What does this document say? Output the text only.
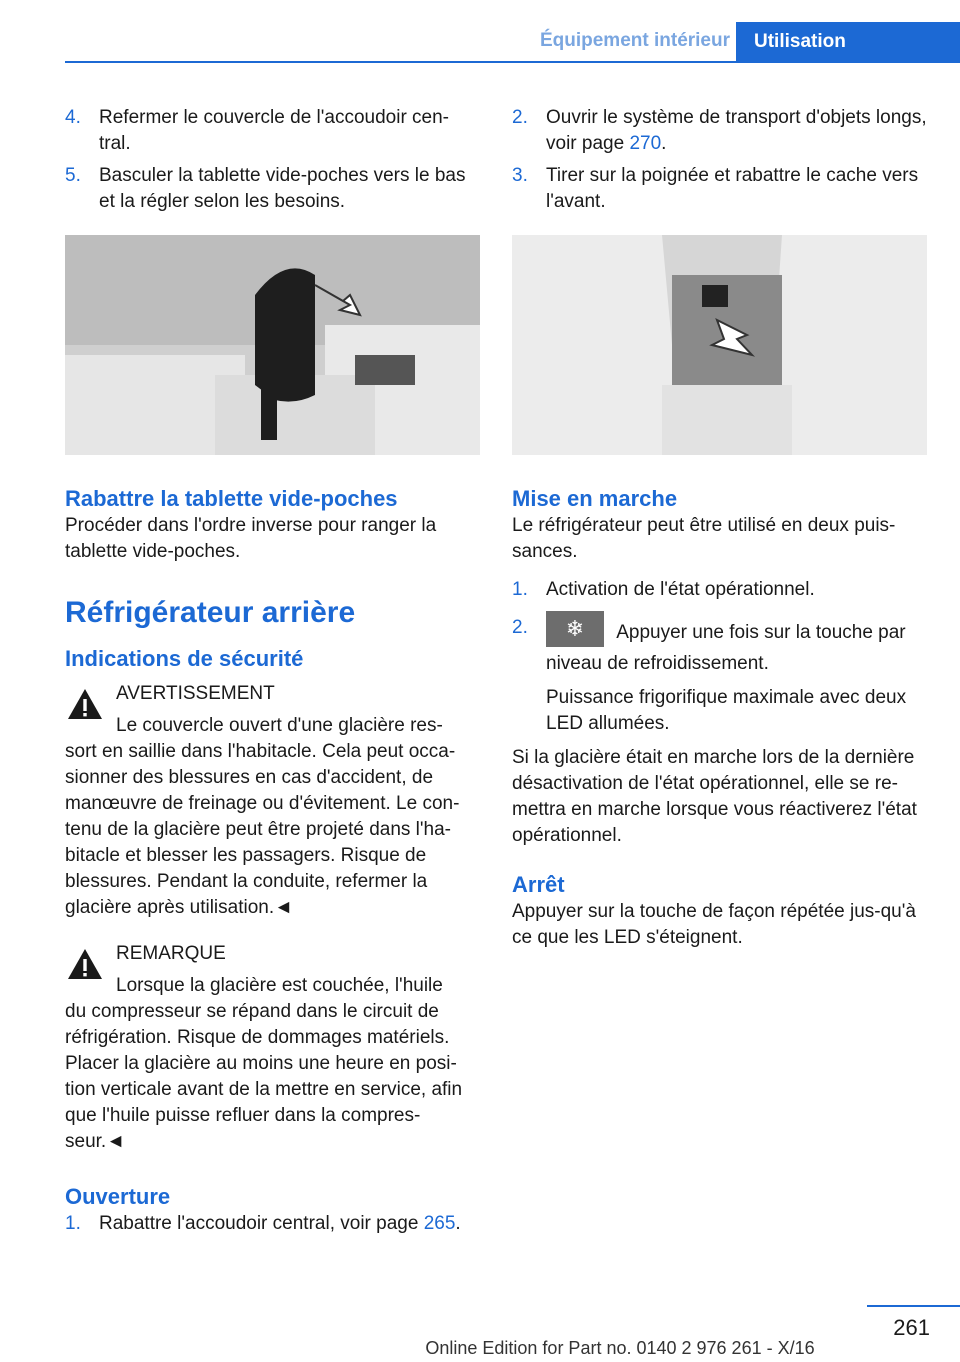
Équipement intérieur	Utilisation
4. Refermer le couvercle de l'accoudoir cen-tral.
5. Basculer la tablette vide-poches vers le bas et la régler selon les besoins.
Rabattre la tablette vide-poches

Procéder dans l'ordre inverse pour ranger la tablette vide-poches.

Réfrigérateur arrière
Indications de sécurité

AVERTISSEMENT

Le couvercle ouvert d'une glacière res-

sort en saillie dans l'habitacle. Cela peut occa-sionner des blessures en cas d'accident, de manœuvre de freinage ou d'évitement. Le con-tenu de la glacière peut être projeté dans l'ha-bitacle et blesser les passagers. Risque de blessures. Pendant la conduite, refermer la glacière après utilisation.◄

REMARQUE

Lorsque la glacière est couchée, l'huile

du compresseur se répand dans le circuit de réfrigération. Risque de dommages matériels. Placer la glacière au moins une heure en posi-tion verticale avant de la mettre en service, afin que l'huile puisse refluer dans la compres-seur.◄

Ouverture
1. Rabattre l'accoudoir central, voir page 265.
2. Ouvrir le système de transport d'objets longs, voir page 270.
3. Tirer sur la poignée et rabattre le cache vers l'avant.
Mise en marche

Le réfrigérateur peut être utilisé en deux puis-sances.

1. Activation de l'état opérationnel.
2.	❄ Appuyer une fois sur la touche par niveau de refroidissement.

Puissance frigorifique maximale avec deux LED allumées.

Si la glacière était en marche lors de la dernière désactivation de l'état opérationnel, elle se re-mettra en marche lorsque vous réactiverez l'état opérationnel.

Arrêt

Appuyer sur la touche de façon répétée jus-qu'à ce que les LED s'éteignent.

261
Online Edition for Part no. 0140 2 976 261 - X/16
